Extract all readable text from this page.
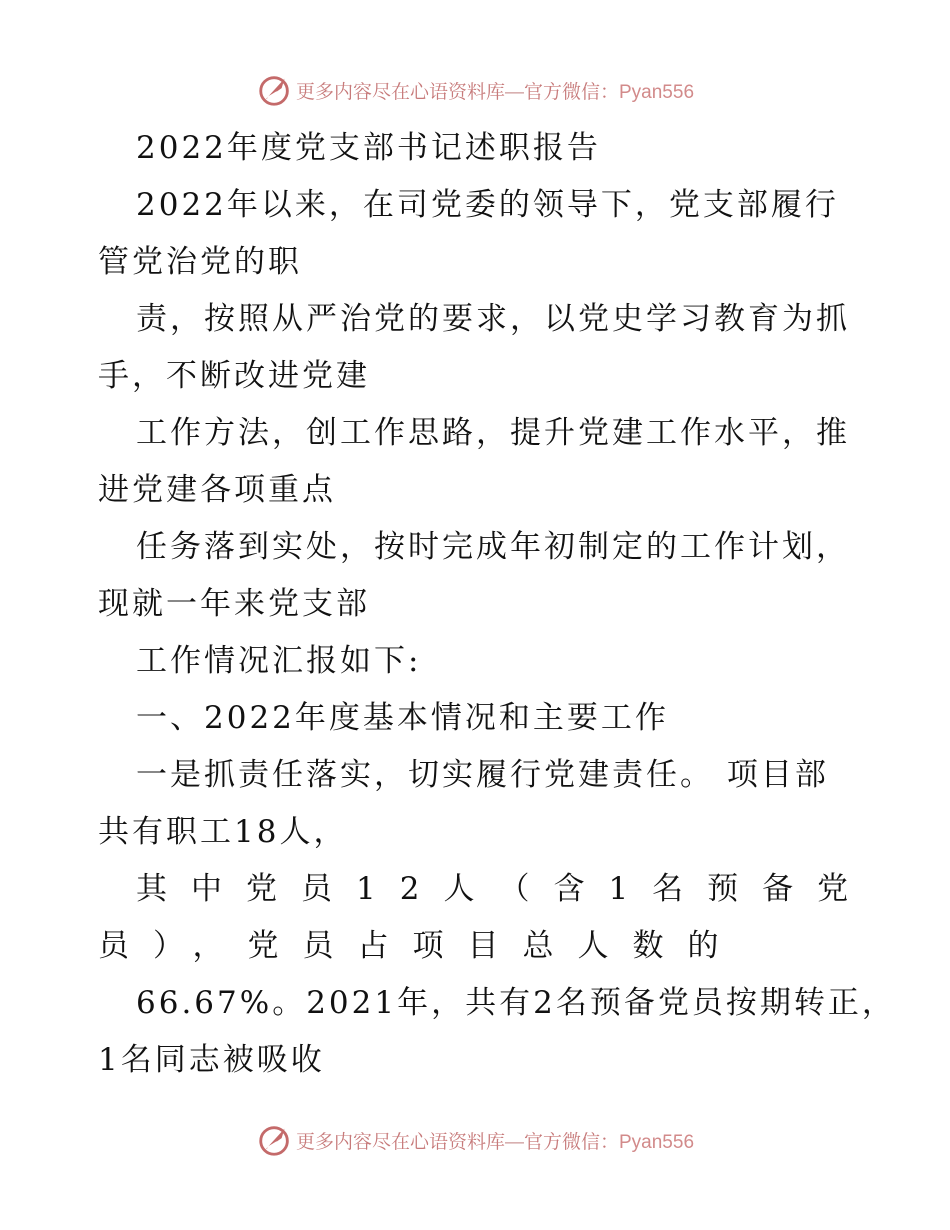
更多内容尽在心语资料库—官方微信：Pyan556
2022年度党支部书记述职报告
2022年以来，在司党委的领导下，党支部履行
管党治党的职
责，按照从严治党的要求，以党史学习教育为抓
手，不断改进党建
工作方法，创工作思路，提升党建工作水平，推
进党建各项重点
任务落到实处，按时完成年初制定的工作计划，
现就一年来党支部
工作情况汇报如下:
一、2022年度基本情况和主要工作
一是抓责任落实，切实履行党建责任。 项目部
共有职工18人，
其中党员12人（含1名预备党
员），党员占项目总人数的
66.67%。2021年，共有2名预备党员按期转正，
1名同志被吸收
更多内容尽在心语资料库—官方微信：Pyan556
